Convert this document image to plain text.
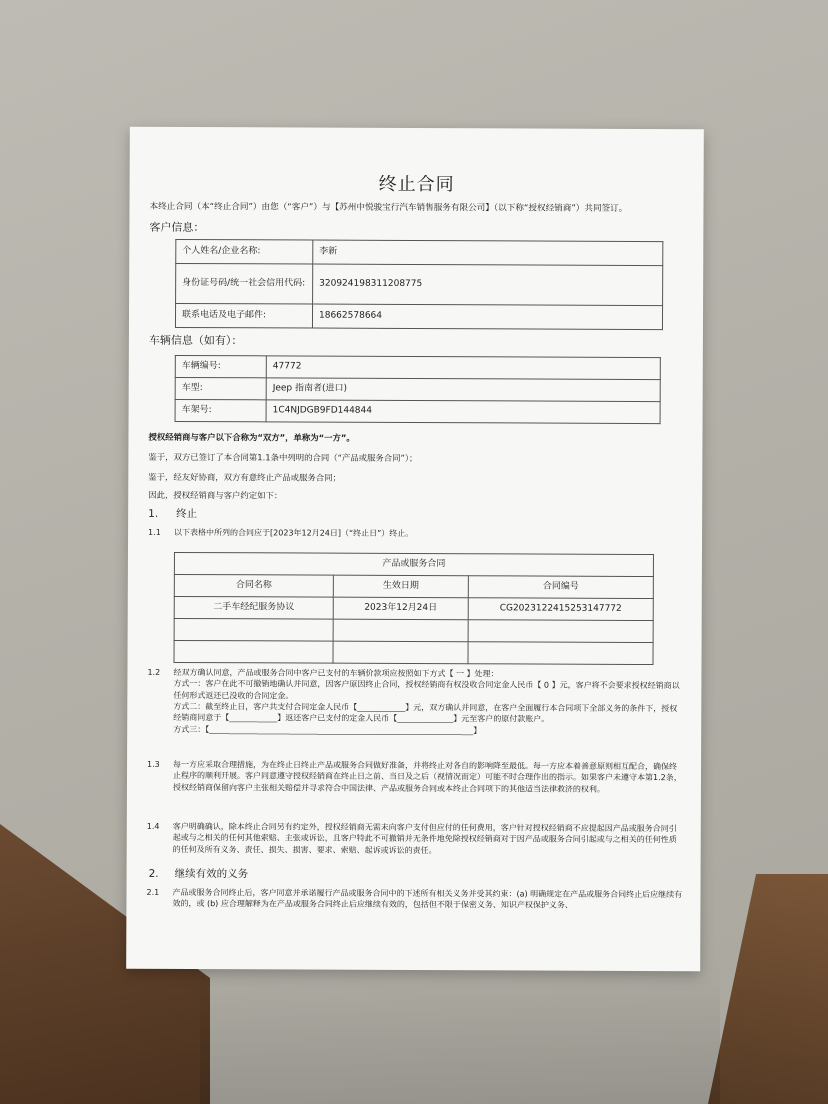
终止合同
本终止合同（本“终止合同”）由您（“客户”）与【苏州中悦骏宝行汽车销售服务有限公司】（以下称“授权经销商”）共同签订。
客户信息：
个人姓名/企业名称:	李新
身份证号码/统一社会信用代码:	320924198311208775
联系电话及电子邮件:	18662578664
车辆信息（如有）：
车辆编号:	47772
车型:	Jeep 指南者(进口)
车架号:	1C4NJDGB9FD144844
授权经销商与客户以下合称为“双方”，单称为“一方”。
鉴于，双方已签订了本合同第1.1条中列明的合同（“产品或服务合同”）；
鉴于，经友好协商，双方有意终止产品或服务合同；
因此，授权经销商与客户约定如下：
1. 终止
1.1 以下表格中所列的合同应于[2023年12月24日]（“终止日”）终止。
产品或服务合同		
合同名称	生效日期	合同编号
二手车经纪服务协议	2023年12月24日	CG2023122415253147772

1.2 经双方确认同意，产品或服务合同中客户已支付的车辆价款项应按照如下方式【 一 】处理：
方式一：客户在此不可撤销地确认并同意，因客户原因终止合同，授权经销商有权没收合同定金人民币【 0 】元，客户将不会要求授权经销商以任何形式返还已没收的合同定金。
方式二：截至终止日，客户共支付合同定金人民币【____________】元，双方确认并同意，在客户全面履行本合同项下全部义务的条件下，授权经销商同意于【____________】返还客户已支付的定金人民币【______________】元至客户的原付款账户。
方式三：【__________________________________________________________________】
1.3 每一方应采取合理措施，为在终止日终止产品或服务合同做好准备，并将终止对各自的影响降至最低。每一方应本着善意原则相互配合，确保终止程序的顺利开展。客户同意遵守授权经销商在终止日之前、当日及之后（视情况而定）可能不时合理作出的指示。如果客户未遵守本第1.2条，授权经销商保留向客户主张相关赔偿并寻求符合中国法律、产品或服务合同或本终止合同项下的其他适当法律救济的权利。
1.4 客户明确确认，除本终止合同另有约定外，授权经销商无需未向客户支付但应付的任何费用，客户针对授权经销商不应提起因产品或服务合同引起或与之相关的任何其他索赔、主张或诉讼，且客户特此不可撤销并无条件地免除授权经销商对于因产品或服务合同引起或与之相关的任何性质的任何及所有义务、责任、损失、损害、要求、索赔、起诉或诉讼的责任。
2. 继续有效的义务
2.1 产品或服务合同终止后，客户同意并承诺履行产品或服务合同中的下述所有相关义务并受其约束：(a) 明确规定在产品或服务合同终止后应继续有效的，或 (b) 应合理解释为在产品或服务合同终止后应继续有效的，包括但不限于保密义务、知识产权保护义务、
